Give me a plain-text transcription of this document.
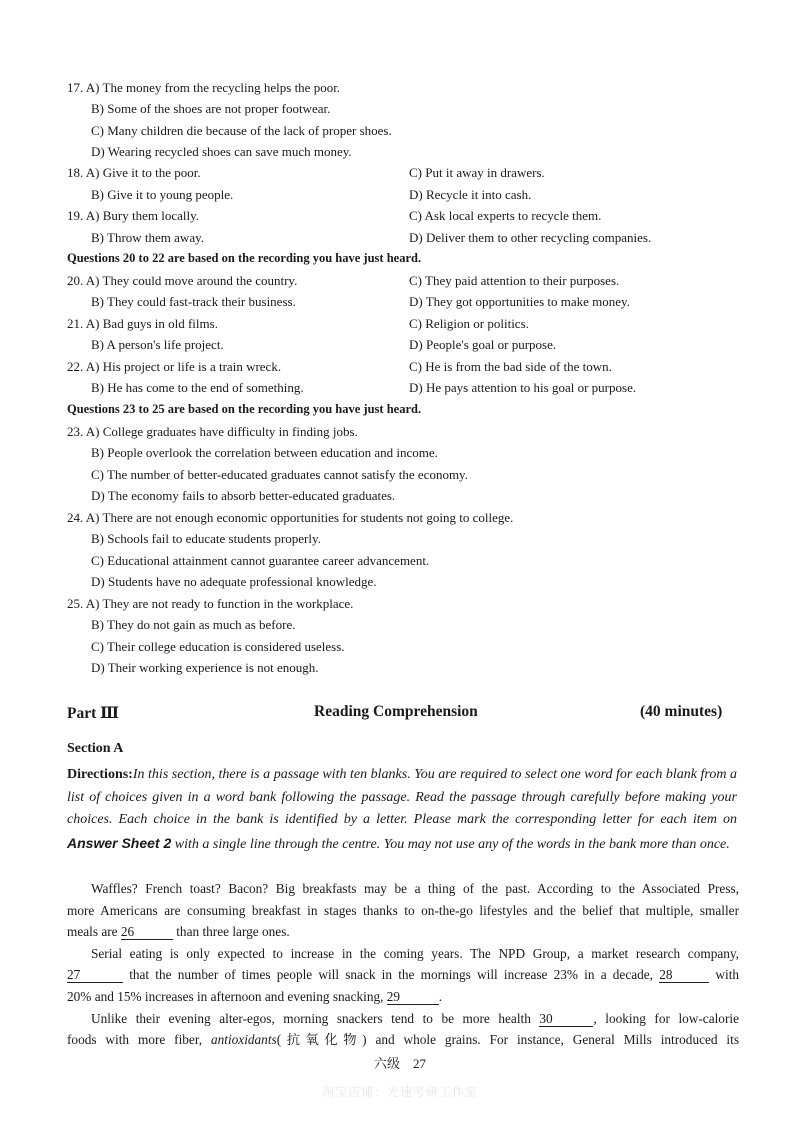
17. A) The money from the recycling helps the poor.
B) Some of the shoes are not proper footwear.
C) Many children die because of the lack of proper shoes.
D) Wearing recycled shoes can save much money.
18. A) Give it to the poor.	C) Put it away in drawers.
B) Give it to young people.	D) Recycle it into cash.
19. A) Bury them locally.	C) Ask local experts to recycle them.
B) Throw them away.	D) Deliver them to other recycling companies.
Questions 20 to 22 are based on the recording you have just heard.
20. A) They could move around the country.	C) They paid attention to their purposes.
B) They could fast-track their business.	D) They got opportunities to make money.
21. A) Bad guys in old films.	C) Religion or politics.
B) A person's life project.	D) People's goal or purpose.
22. A) His project or life is a train wreck.	C) He is from the bad side of the town.
B) He has come to the end of something.	D) He pays attention to his goal or purpose.
Questions 23 to 25 are based on the recording you have just heard.
23. A) College graduates have difficulty in finding jobs.
B) People overlook the correlation between education and income.
C) The number of better-educated graduates cannot satisfy the economy.
D) The economy fails to absorb better-educated graduates.
24. A) There are not enough economic opportunities for students not going to college.
B) Schools fail to educate students properly.
C) Educational attainment cannot guarantee career advancement.
D) Students have no adequate professional knowledge.
25. A) They are not ready to function in the workplace.
B) They do not gain as much as before.
C) Their college education is considered useless.
D) Their working experience is not enough.
Part Ⅲ	Reading Comprehension	(40 minutes)
Section A
Directions:In this section, there is a passage with ten blanks. You are required to select one word for each blank from a list of choices given in a word bank following the passage. Read the passage through carefully before making your choices. Each choice in the bank is identified by a letter. Please mark the corresponding letter for each item on Answer Sheet 2 with a single line through the centre. You may not use any of the words in the bank more than once.
Waffles? French toast? Bacon? Big breakfasts may be a thing of the past. According to the Associated Press,
more Americans are consuming breakfast in stages thanks to on-the-go lifestyles and the belief that multiple, smaller
meals are 26	than three large ones.
Serial eating is only expected to increase in the coming years. The NPD Group, a market research company,
27	that the number of times people will snack in the mornings will increase 23% in a decade, 28	with
20% and 15% increases in afternoon and evening snacking, 29	.
Unlike their evening alter-egos, morning snackers tend to be more health 30	, looking for low-calorie
foods with more fiber, antioxidants(抗氧化物) and whole grains. For instance, General Mills introduced its
六级　27
淘宝店铺：光速考研工作室
